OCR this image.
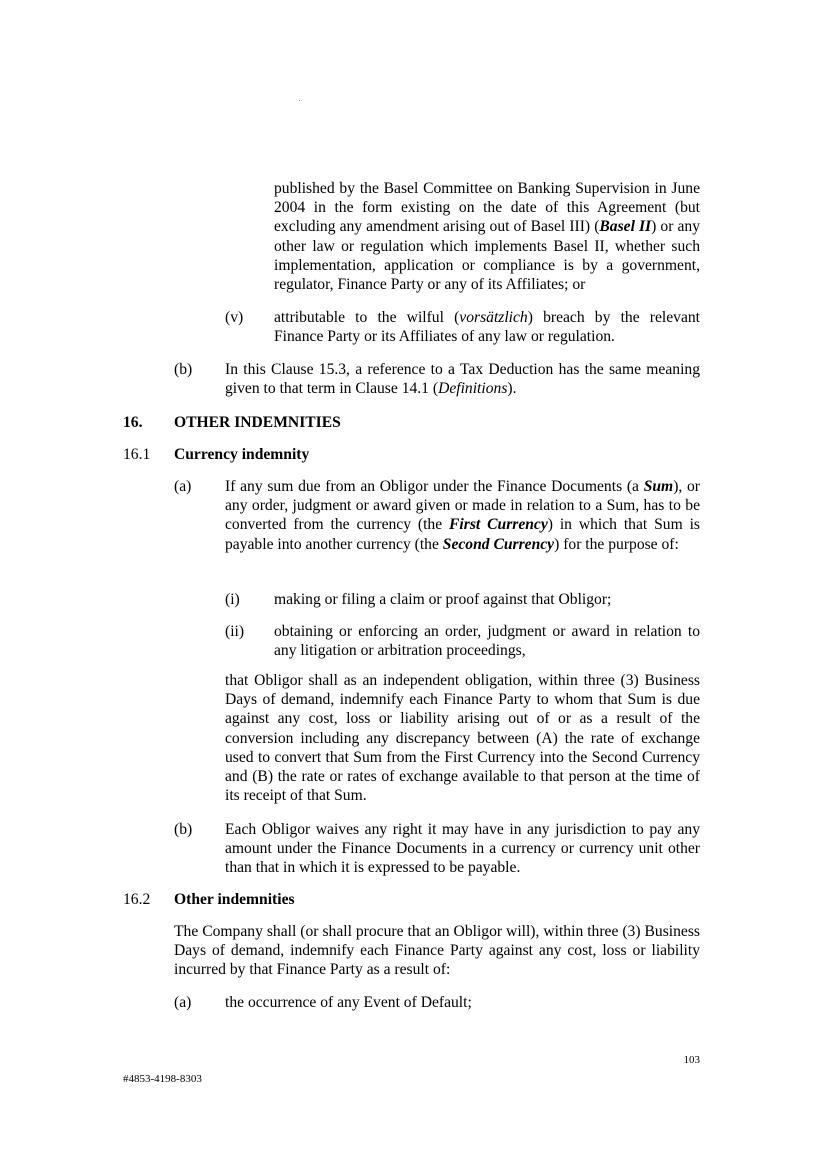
published by the Basel Committee on Banking Supervision in June 2004 in the form existing on the date of this Agreement (but excluding any amendment arising out of Basel III) (Basel II) or any other law or regulation which implements Basel II, whether such implementation, application or compliance is by a government, regulator, Finance Party or any of its Affiliates; or

(v) attributable to the wilful (vorsätzlich) breach by the relevant Finance Party or its Affiliates of any law or regulation.

(b) In this Clause 15.3, a reference to a Tax Deduction has the same meaning given to that term in Clause 14.1 (Definitions).

16. OTHER INDEMNITIES

16.1 Currency indemnity

(a) If any sum due from an Obligor under the Finance Documents (a Sum), or any order, judgment or award given or made in relation to a Sum, has to be converted from the currency (the First Currency) in which that Sum is payable into another currency (the Second Currency) for the purpose of:

(i) making or filing a claim or proof against that Obligor;

(ii) obtaining or enforcing an order, judgment or award in relation to any litigation or arbitration proceedings,

that Obligor shall as an independent obligation, within three (3) Business Days of demand, indemnify each Finance Party to whom that Sum is due against any cost, loss or liability arising out of or as a result of the conversion including any discrepancy between (A) the rate of exchange used to convert that Sum from the First Currency into the Second Currency and (B) the rate or rates of exchange available to that person at the time of its receipt of that Sum.

(b) Each Obligor waives any right it may have in any jurisdiction to pay any amount under the Finance Documents in a currency or currency unit other than that in which it is expressed to be payable.

16.2 Other indemnities

The Company shall (or shall procure that an Obligor will), within three (3) Business Days of demand, indemnify each Finance Party against any cost, loss or liability incurred by that Finance Party as a result of:

(a) the occurrence of any Event of Default;

103
#4853-4198-8303
